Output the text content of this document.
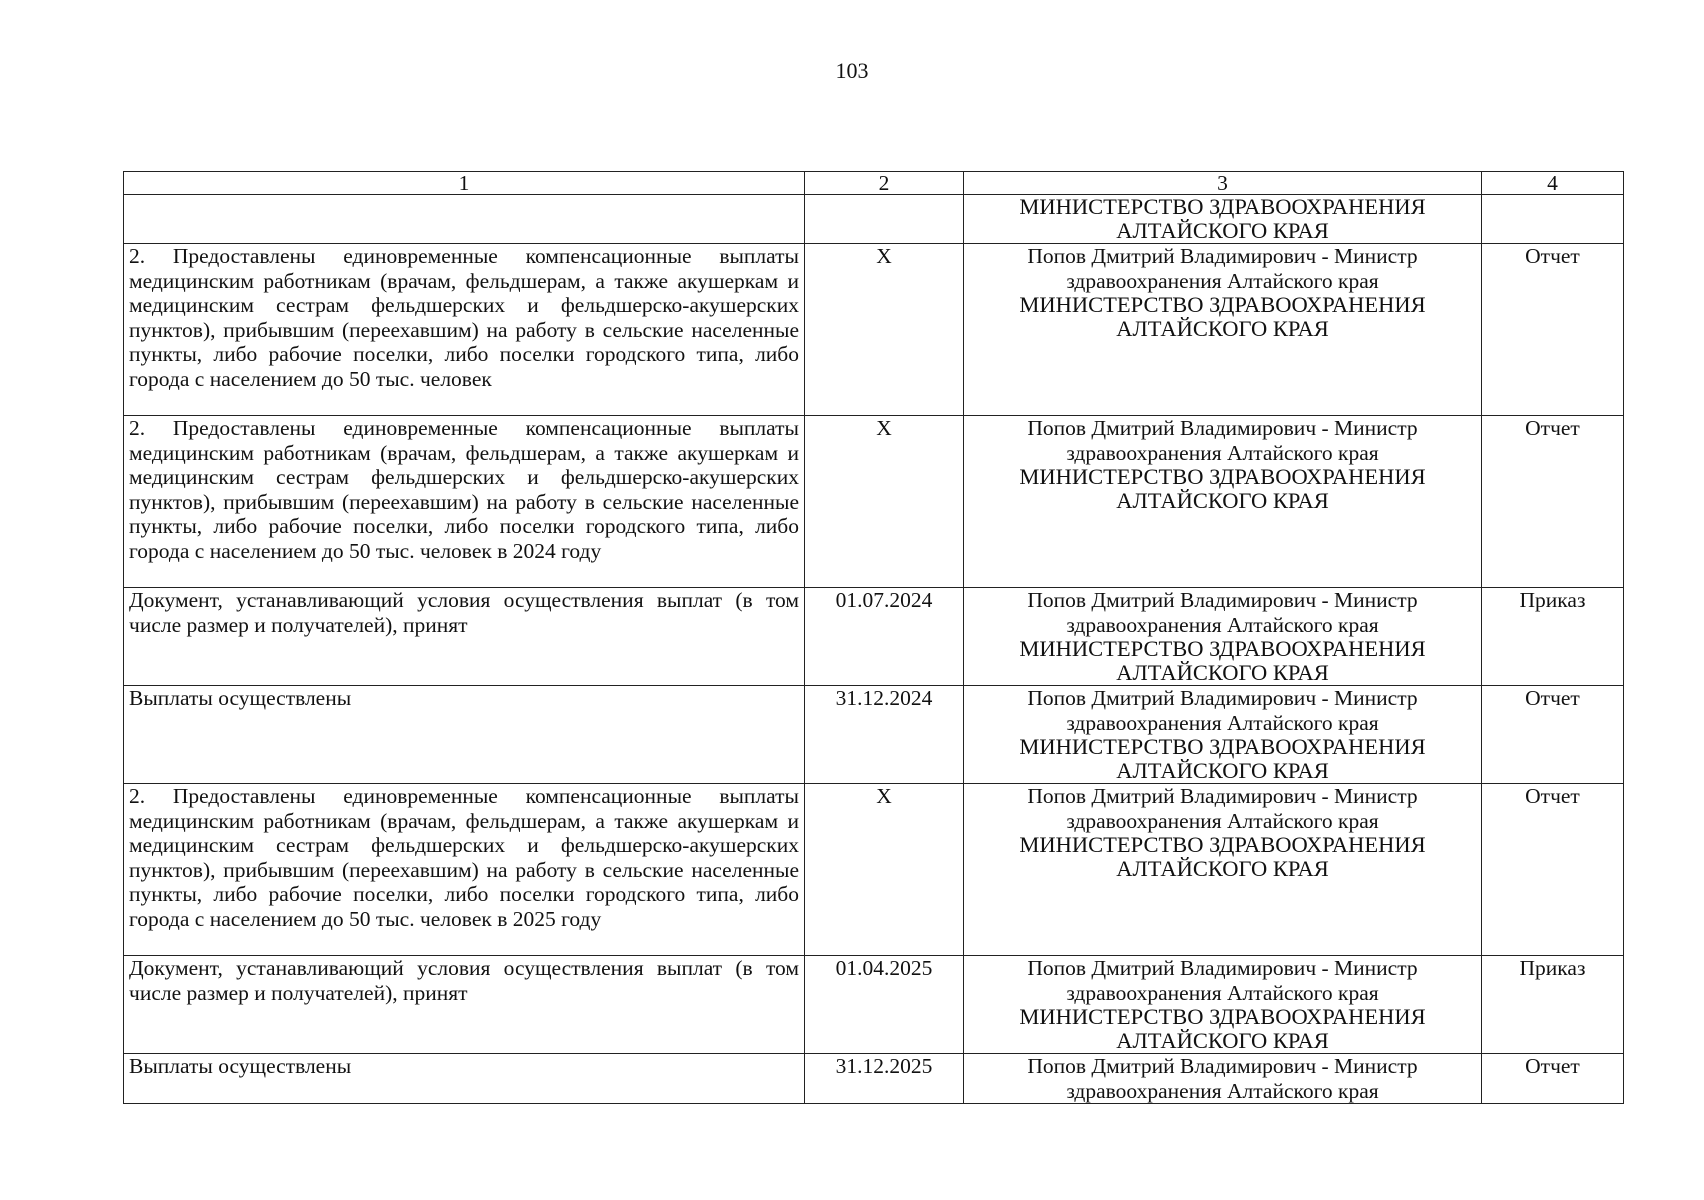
103
1	2	3	4

		МИНИСТЕРСТВО ЗДРАВООХРАНЕНИЯ АЛТАЙСКОГО КРАЯ	

2. Предоставлены единовременные компенсационные выплаты медицинским работникам (врачам, фельдшерам, а также акушеркам и медицинским сестрам фельдшерских и фельдшерско-акушерских пунктов), прибывшим (переехавшим) на работу в сельские населенные пункты, либо рабочие поселки, либо поселки городского типа, либо города с населением до 50 тыс. человек	X	Попов Дмитрий Владимирович - Министр здравоохранения Алтайского края
МИНИСТЕРСТВО ЗДРАВООХРАНЕНИЯ АЛТАЙСКОГО КРАЯ	Отчет
2. Предоставлены единовременные компенсационные выплаты медицинским работникам (врачам, фельдшерам, а также акушеркам и медицинским сестрам фельдшерских и фельдшерско-акушерских пунктов), прибывшим (переехавшим) на работу в сельские населенные пункты, либо рабочие поселки, либо поселки городского типа, либо города с населением до 50 тыс. человек в 2024 году	X	Попов Дмитрий Владимирович - Министр здравоохранения Алтайского края
МИНИСТЕРСТВО ЗДРАВООХРАНЕНИЯ АЛТАЙСКОГО КРАЯ	Отчет
Документ, устанавливающий условия осуществления выплат (в том числе размер и получателей), принят	01.07.2024	Попов Дмитрий Владимирович - Министр здравоохранения Алтайского края
МИНИСТЕРСТВО ЗДРАВООХРАНЕНИЯ АЛТАЙСКОГО КРАЯ	Приказ
Выплаты осуществлены	31.12.2024	Попов Дмитрий Владимирович - Министр здравоохранения Алтайского края
МИНИСТЕРСТВО ЗДРАВООХРАНЕНИЯ АЛТАЙСКОГО КРАЯ	Отчет
2. Предоставлены единовременные компенсационные выплаты медицинским работникам (врачам, фельдшерам, а также акушеркам и медицинским сестрам фельдшерских и фельдшерско-акушерских пунктов), прибывшим (переехавшим) на работу в сельские населенные пункты, либо рабочие поселки, либо поселки городского типа, либо города с населением до 50 тыс. человек в 2025 году	X	Попов Дмитрий Владимирович - Министр здравоохранения Алтайского края
МИНИСТЕРСТВО ЗДРАВООХРАНЕНИЯ АЛТАЙСКОГО КРАЯ	Отчет
Документ, устанавливающий условия осуществления выплат (в том числе размер и получателей), принят	01.04.2025	Попов Дмитрий Владимирович - Министр здравоохранения Алтайского края
МИНИСТЕРСТВО ЗДРАВООХРАНЕНИЯ АЛТАЙСКОГО КРАЯ	Приказ
Выплаты осуществлены	31.12.2025	Попов Дмитрий Владимирович - Министр здравоохранения Алтайского края	Отчет
